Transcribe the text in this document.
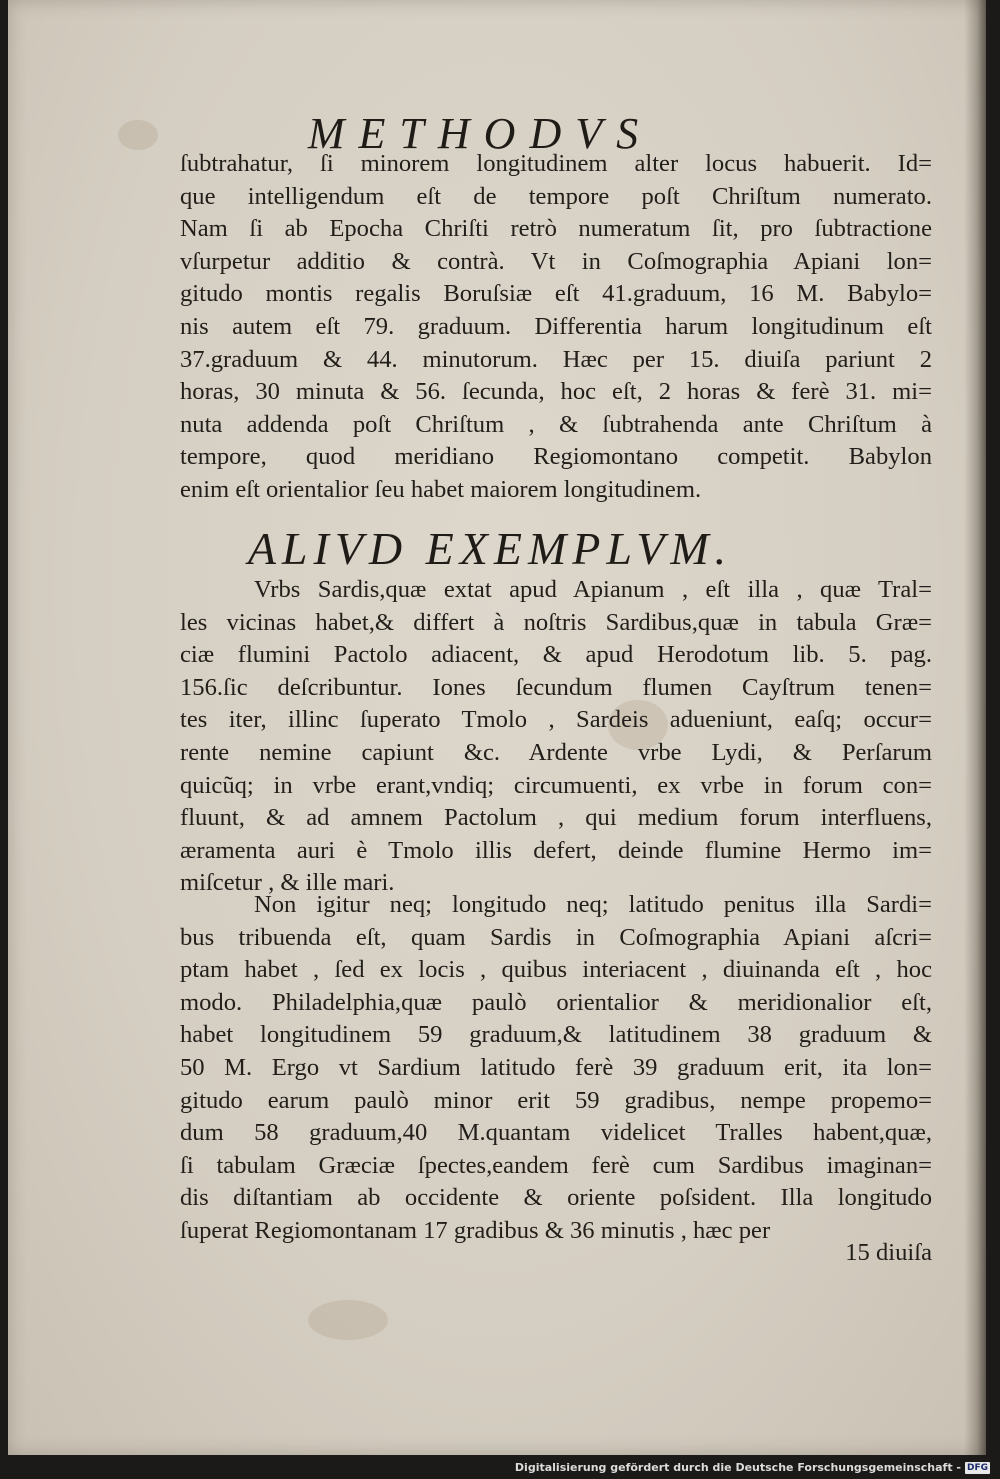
METHODVS
ſubtrahatur, ſi minorem longitudinem alter locus habuerit. Id=
que intelligendum eſt de tempore poſt Chriſtum numerato.
Nam ſi ab Epocha Chriſti retrò numeratum ſit, pro ſubtractione
vſurpetur additio & contrà. Vt in Coſmographia Apiani lon=
gitudo montis regalis Boruſsiæ eſt 41.graduum, 16 M. Babylo=
nis autem eſt 79. graduum. Differentia harum longitudinum eſt
37.graduum & 44. minutorum. Hæc per 15. diuiſa pariunt 2
horas, 30 minuta & 56. ſecunda, hoc eſt, 2 horas & ferè 31. mi=
nuta addenda poſt Chriſtum , & ſubtrahenda ante Chriſtum à
tempore, quod meridiano Regiomontano competit. Babylon
enim eſt orientalior ſeu habet maiorem longitudinem.
ALIVD EXEMPLVM.
Vrbs Sardis,quæ extat apud Apianum , eſt illa , quæ Tral=
les vicinas habet,& differt à noſtris Sardibus,quæ in tabula Græ=
ciæ flumini Pactolo adiacent, & apud Herodotum lib. 5. pag.
156.ſic deſcribuntur. Iones ſecundum flumen Cayſtrum tenen=
tes iter, illinc ſuperato Tmolo , Sardeis adueniunt, eaſq; occur=
rente nemine capiunt &c. Ardente vrbe Lydi, & Perſarum
quicũq; in vrbe erant,vndiq; circumuenti, ex vrbe in forum con=
fluunt, & ad amnem Pactolum , qui medium forum interfluens,
æramenta auri è Tmolo illis defert, deinde flumine Hermo im=
miſcetur , & ille mari.
Non igitur neq; longitudo neq; latitudo penitus illa Sardi=
bus tribuenda eſt, quam Sardis in Coſmographia Apiani aſcri=
ptam habet , ſed ex locis , quibus interiacent , diuinanda eſt , hoc
modo. Philadelphia,quæ paulò orientalior & meridionalior eſt,
habet longitudinem 59 graduum,& latitudinem 38 graduum &
50 M. Ergo vt Sardium latitudo ferè 39 graduum erit, ita lon=
gitudo earum paulò minor erit 59 gradibus, nempe propemo=
dum 58 graduum,40 M.quantam videlicet Tralles habent,quæ,
ſi tabulam Græciæ ſpectes,eandem ferè cum Sardibus imaginan=
dis diſtantiam ab occidente & oriente poſsident. Illa longitudo
ſuperat Regiomontanam 17 gradibus & 36 minutis , hæc per
15 diuiſa
Digitalisierung gefördert durch die Deutsche Forschungsgemeinschaft - DFG
